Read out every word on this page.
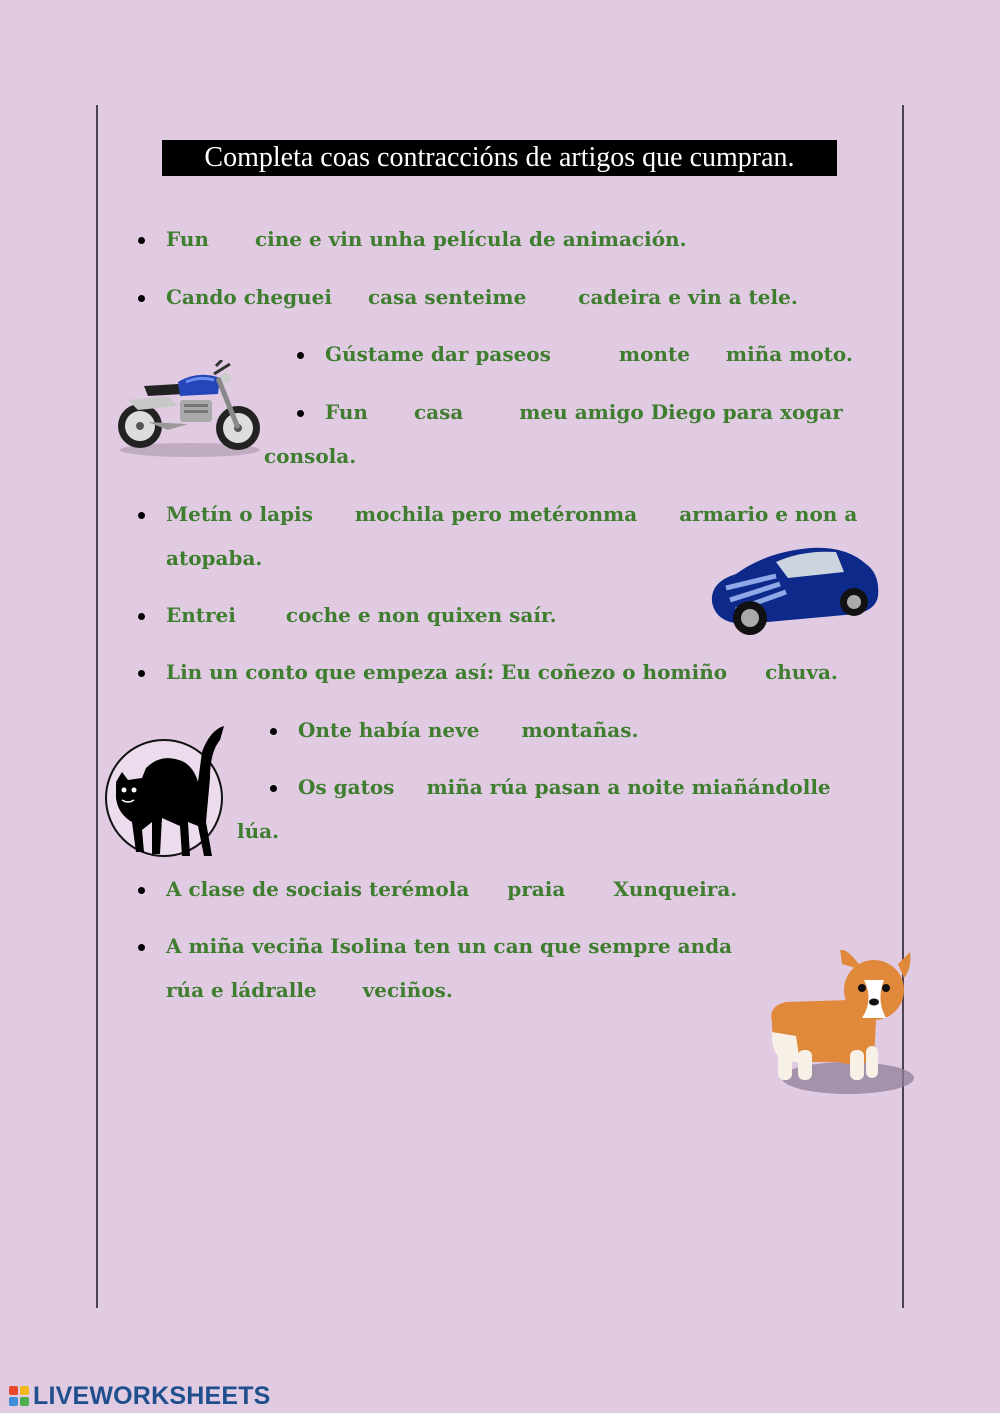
Completa coas contraccións de artigos que cumpran.
Fun cine e vin unha película de animación.
Cando cheguei casa senteime	cadeira e vin a tele.
Gústame dar paseos	monte miña moto.
Fun casa	meu amigo Diego para xogar
consola.
Metín o lapis mochila pero metéronma armario e non a
atopaba.
Entrei	coche e non quixen saír.
Lin un conto que empeza así: Eu coñezo o homiño chuva.
Onte había neve montañas.
Os gatos miña rúa pasan a noite miañándolle
lúa.
A clase de sociais terémola praia Xunqueira.
A miña veciña Isolina ten un can que sempre anda
rúa e ládralle veciños.
LIVEWORKSHEETS
